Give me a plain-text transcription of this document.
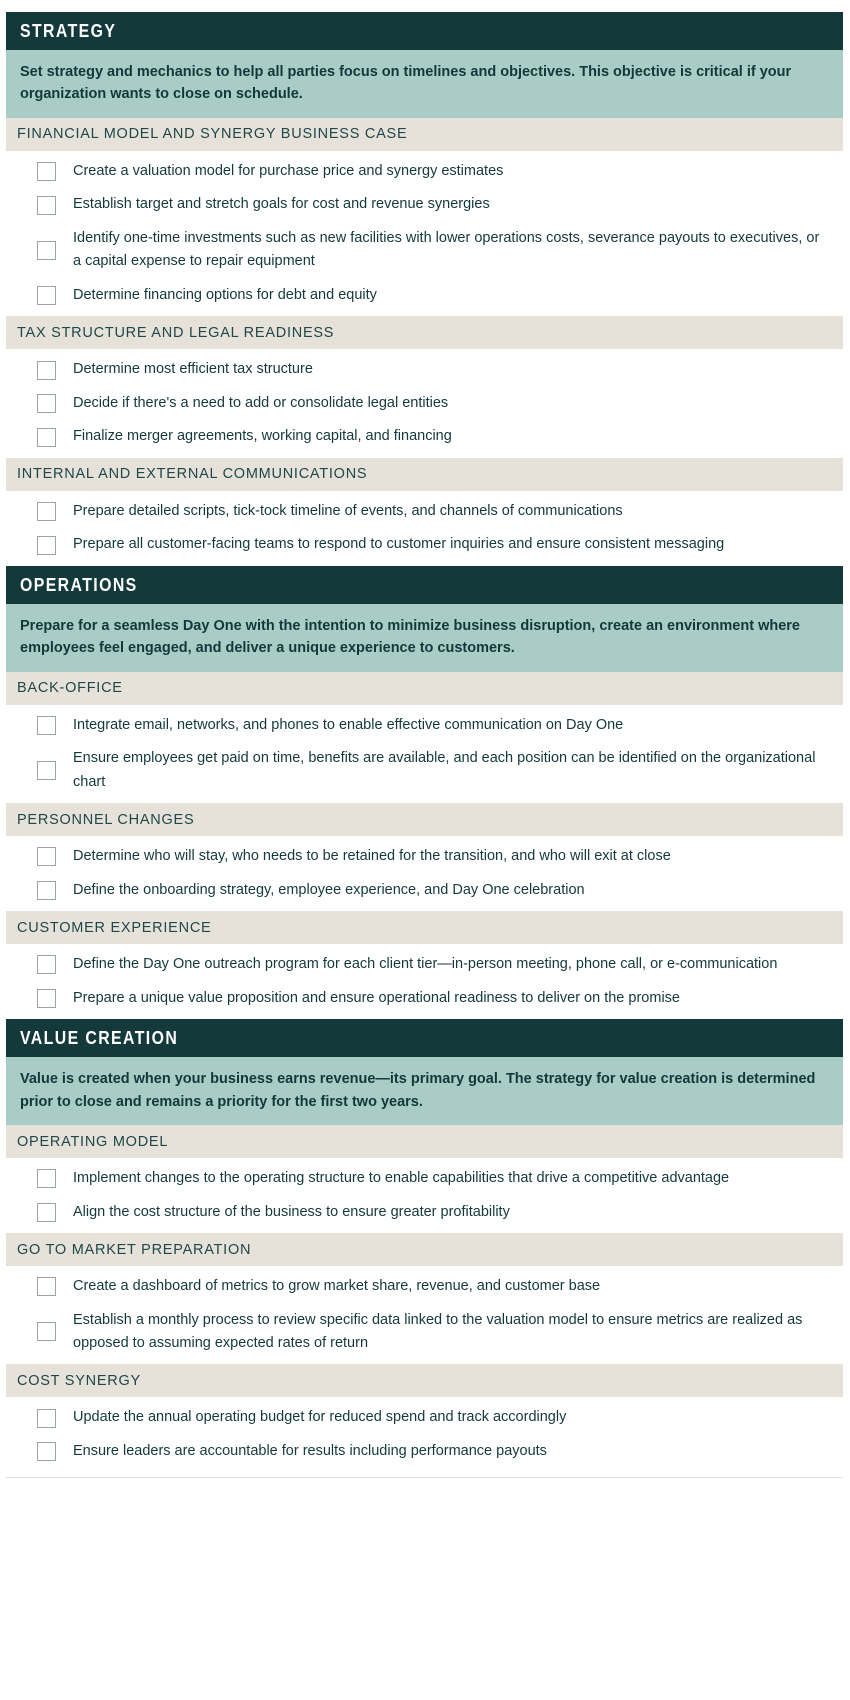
STRATEGY
Set strategy and mechanics to help all parties focus on timelines and objectives. This objective is critical if your organization wants to close on schedule.
FINANCIAL MODEL AND SYNERGY BUSINESS CASE
Create a valuation model for purchase price and synergy estimates
Establish target and stretch goals for cost and revenue synergies
Identify one-time investments such as new facilities with lower operations costs, severance payouts to executives, or a capital expense to repair equipment
Determine financing options for debt and equity
TAX STRUCTURE AND LEGAL READINESS
Determine most efficient tax structure
Decide if there's a need to add or consolidate legal entities
Finalize merger agreements, working capital, and financing
INTERNAL AND EXTERNAL COMMUNICATIONS
Prepare detailed scripts, tick-tock timeline of events, and channels of communications
Prepare all customer-facing teams to respond to customer inquiries and ensure consistent messaging
OPERATIONS
Prepare for a seamless Day One with the intention to minimize business disruption, create an environment where employees feel engaged, and deliver a unique experience to customers.
BACK-OFFICE
Integrate email, networks, and phones to enable effective communication on Day One
Ensure employees get paid on time, benefits are available, and each position can be identified on the organizational chart
PERSONNEL CHANGES
Determine who will stay, who needs to be retained for the transition, and who will exit at close
Define the onboarding strategy, employee experience, and Day One celebration
CUSTOMER EXPERIENCE
Define the Day One outreach program for each client tier—in-person meeting, phone call, or e-communication
Prepare a unique value proposition and ensure operational readiness to deliver on the promise
VALUE CREATION
Value is created when your business earns revenue—its primary goal. The strategy for value creation is determined prior to close and remains a priority for the first two years.
OPERATING MODEL
Implement changes to the operating structure to enable capabilities that drive a competitive advantage
Align the cost structure of the business to ensure greater profitability
GO TO MARKET PREPARATION
Create a dashboard of metrics to grow market share, revenue, and customer base
Establish a monthly process to review specific data linked to the valuation model to ensure metrics are realized as opposed to assuming expected rates of return
COST SYNERGY
Update the annual operating budget for reduced spend and track accordingly
Ensure leaders are accountable for results including performance payouts
